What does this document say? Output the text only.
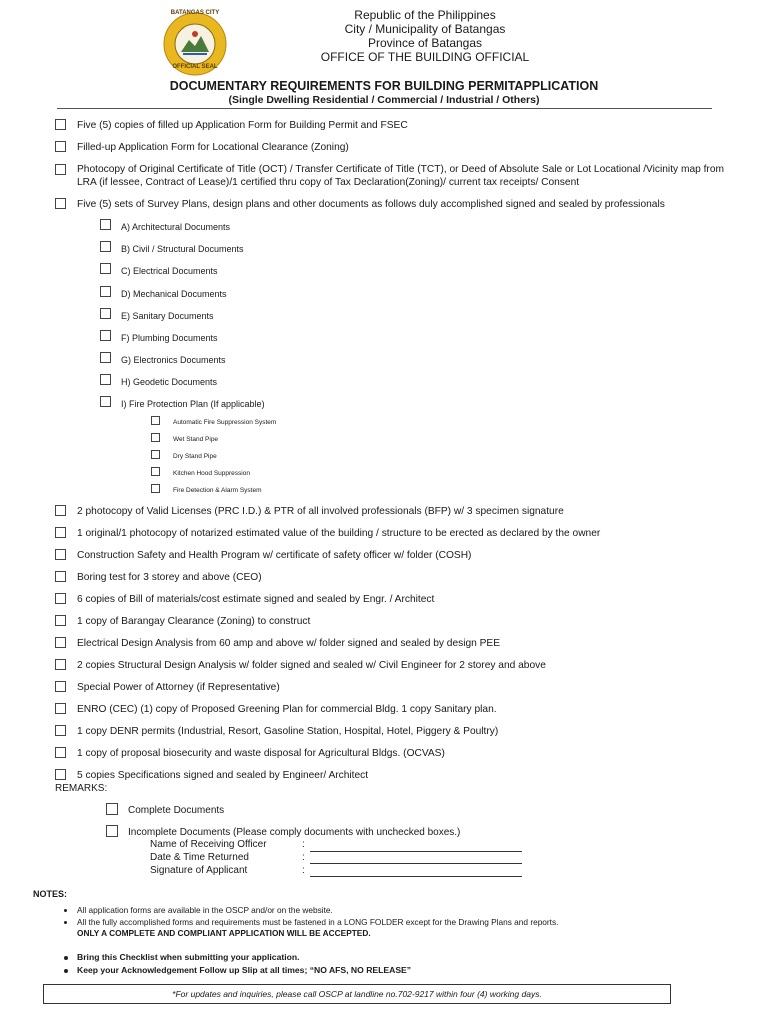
BATANGAS CITY
OFFICIAL SEAL
Republic of the Philippines
City / Municipality of Batangas
Province of Batangas
OFFICE OF THE BUILDING OFFICIAL
DOCUMENTARY REQUIREMENTS FOR BUILDING PERMITAPPLICATION
(Single Dwelling Residential / Commercial / Industrial / Others)
Five (5) copies of filled up Application Form for Building Permit and FSEC
Filled-up Application Form for Locational Clearance (Zoning)
Photocopy of Original Certificate of Title (OCT) / Transfer Certificate of Title (TCT), or Deed of Absolute Sale or Lot Locational /Vicinity map from LRA (if lessee, Contract of Lease)/1 certified thru copy of Tax Declaration(Zoning)/ current tax receipts/ Consent
Five (5) sets of Survey Plans, design plans and other documents as follows duly accomplished signed and sealed by professionals
A) Architectural Documents
B) Civil / Structural Documents
C) Electrical Documents
D) Mechanical Documents
E) Sanitary Documents
F) Plumbing Documents
G) Electronics Documents
H) Geodetic Documents
I) Fire Protection Plan (If applicable)
Automatic Fire Suppression System
Wet Stand Pipe
Dry Stand Pipe
Kitchen Hood Suppression
Fire Detection & Alarm System
2 photocopy of Valid Licenses (PRC I.D.) & PTR of all involved professionals (BFP) w/ 3 specimen signature
1 original/1 photocopy of notarized estimated value of the building / structure to be erected as declared by the owner
Construction Safety and Health Program w/ certificate of safety officer w/ folder (COSH)
Boring test for 3 storey and above (CEO)
6 copies of Bill of materials/cost estimate signed and sealed by Engr. / Architect
1 copy of Barangay Clearance (Zoning) to construct
Electrical Design Analysis from 60 amp and above w/ folder signed and sealed by design PEE
2 copies Structural Design Analysis w/ folder signed and sealed w/ Civil Engineer for 2 storey and above
Special Power of Attorney (if Representative)
ENRO (CEC) (1) copy of Proposed Greening Plan for commercial Bldg. 1 copy Sanitary plan.
1 copy DENR permits (Industrial, Resort, Gasoline Station, Hospital, Hotel, Piggery & Poultry)
1 copy of proposal biosecurity and waste disposal for Agricultural Bldgs. (OCVAS)
5 copies Specifications signed and sealed by Engineer/ Architect
REMARKS:
Complete Documents
Incomplete Documents (Please comply documents with unchecked boxes.)
Name of Receiving Officer	:
Date & Time Returned	:
Signature of Applicant	:
NOTES:
All application forms are available in the OSCP and/or on the website.
All the fully accomplished forms and requirements must be fastened in a LONG FOLDER except for the Drawing Plans and reports.
ONLY A COMPLETE AND COMPLIANT APPLICATION WILL BE ACCEPTED.
Bring this Checklist when submitting your application.
Keep your Acknowledgement Follow up Slip at all times; “NO AFS, NO RELEASE”
*For updates and inquiries, please call OSCP at landline no.702-9217 within four (4) working days.
